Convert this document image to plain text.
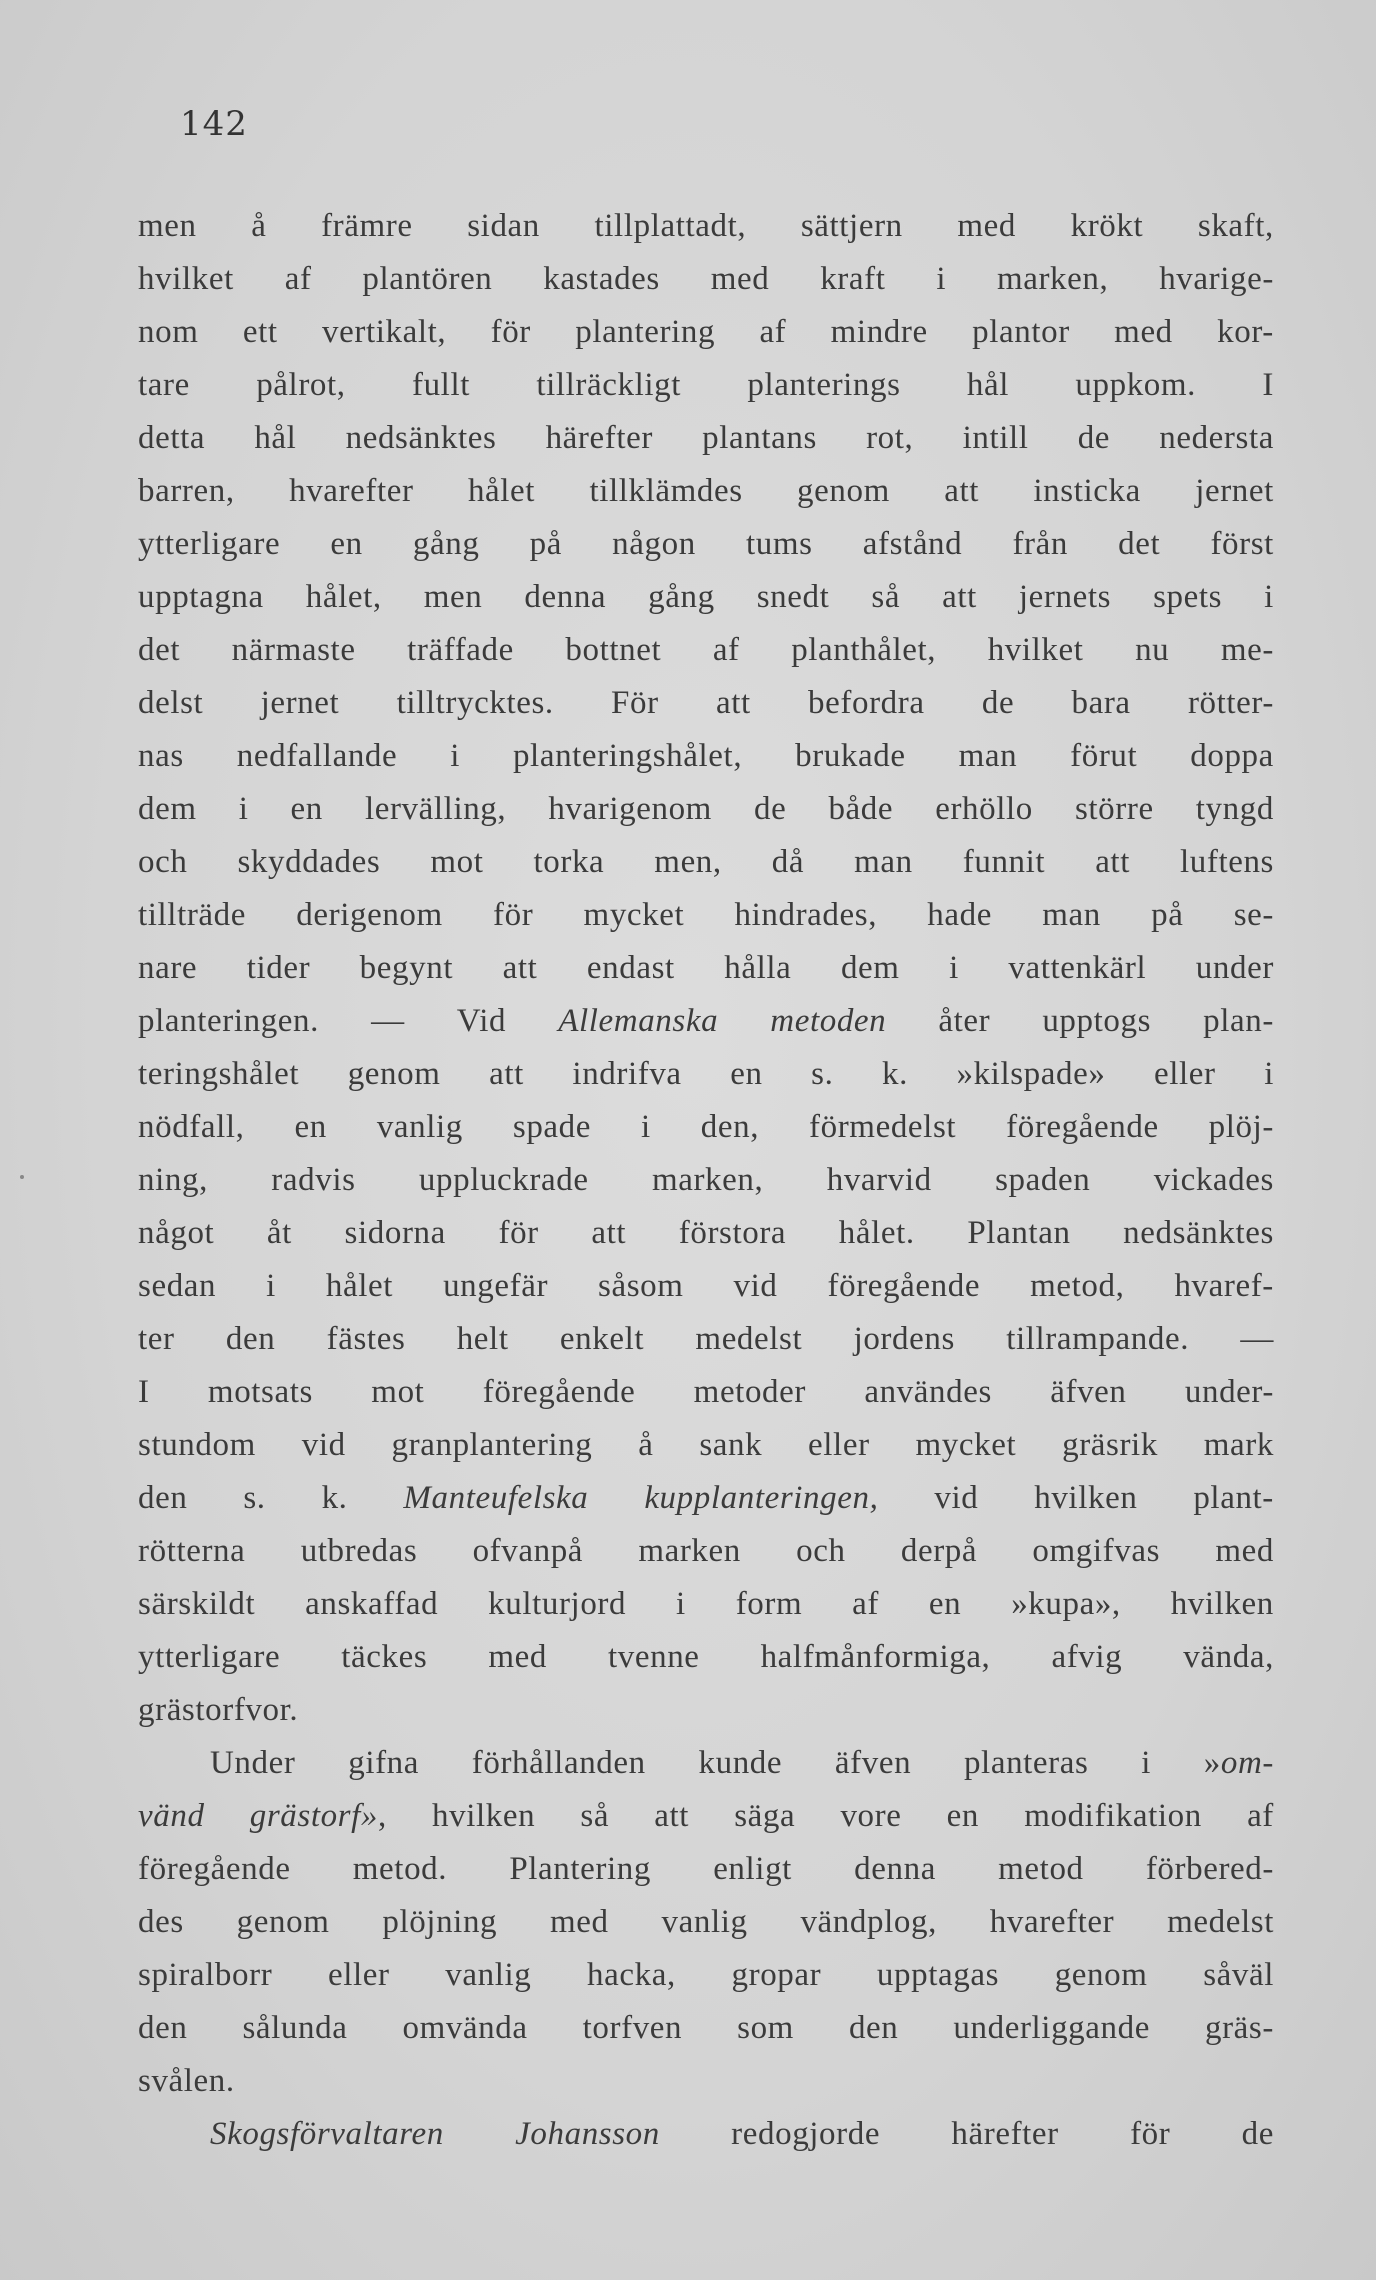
142
men å främre sidan tillplattadt, sättjern med krökt skaft,
hvilket af plantören kastades med kraft i marken, hvarige-
nom ett vertikalt, för plantering af mindre plantor med kor-
tare pålrot, fullt tillräckligt planterings hål uppkom. I
detta hål nedsänktes härefter plantans rot, intill de nedersta
barren, hvarefter hålet tillklämdes genom att insticka jernet
ytterligare en gång på någon tums afstånd från det först
upptagna hålet, men denna gång snedt så att jernets spets i
det närmaste träffade bottnet af planthålet, hvilket nu me-
delst jernet tilltrycktes. För att befordra de bara rötter-
nas nedfallande i planteringshålet, brukade man förut doppa
dem i en lervälling, hvarigenom de både erhöllo större tyngd
och skyddades mot torka men, då man funnit att luftens
tillträde derigenom för mycket hindrades, hade man på se-
nare tider begynt att endast hålla dem i vattenkärl under
planteringen. — Vid Allemanska metoden åter upptogs plan-
teringshålet genom att indrifva en s. k. »kilspade» eller i
nödfall, en vanlig spade i den, förmedelst föregående plöj-
ning, radvis uppluckrade marken, hvarvid spaden vickades
något åt sidorna för att förstora hålet. Plantan nedsänktes
sedan i hålet ungefär såsom vid föregående metod, hvaref-
ter den fästes helt enkelt medelst jordens tillrampande. —
I motsats mot föregående metoder användes äfven under-
stundom vid granplantering å sank eller mycket gräsrik mark
den s. k. Manteufelska kupplanteringen, vid hvilken plant-
rötterna utbredas ofvanpå marken och derpå omgifvas med
särskildt anskaffad kulturjord i form af en »kupa», hvilken
ytterligare täckes med tvenne halfmånformiga, afvig vända,
grästorfvor.
Under gifna förhållanden kunde äfven planteras i »om-
vänd grästorf», hvilken så att säga vore en modifikation af
föregående metod. Plantering enligt denna metod förbered-
des genom plöjning med vanlig vändplog, hvarefter medelst
spiralborr eller vanlig hacka, gropar upptagas genom såväl
den sålunda omvända torfven som den underliggande gräs-
svålen.
Skogsförvaltaren Johansson redogjorde härefter för de
